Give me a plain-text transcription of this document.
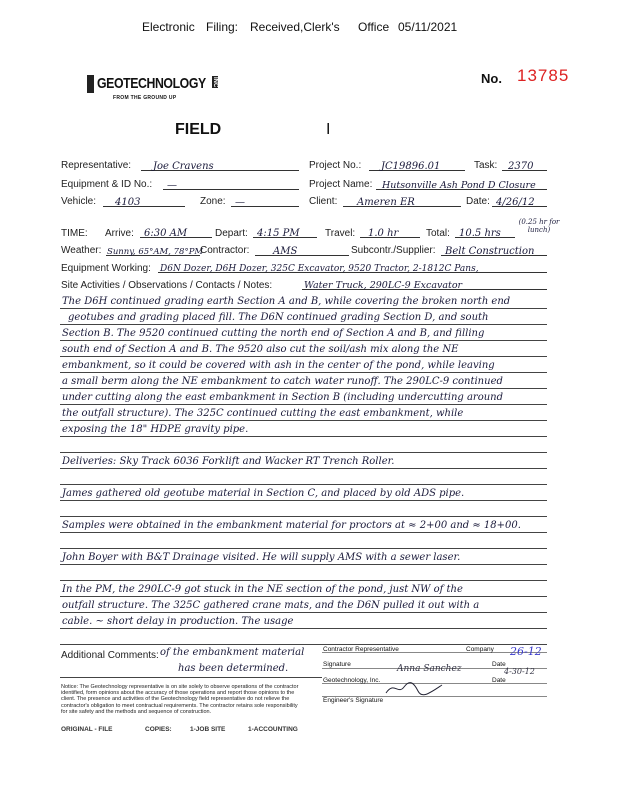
Electronic Filing: Received,Clerk's Office 05/11/2021
GEOTECHNOLOGY INC
FROM THE GROUND UP
No. 13785
FIELD	I
Representative:	Joe Cravens	Project No.:	JC19896.01	Task:	2370
Equipment & ID No.:	—	Project Name:	Hutsonville Ash Pond D Closure
Vehicle:	4103	Zone: —	Client:	Ameren ER	Date: 4/26/12
TIME: Arrive:	6:30 AM	Depart: 4:15 PM	Travel:	1.0 hr	Total: 10.5 hrs
(0.25 hr for lunch)
Weather: Sunny, 65°AM, 78°PM
Contractor:	AMS	Subcontr./Supplier: Belt Construction
Equipment Working: D6N Dozer, D6H Dozer, 325C Excavator, 9520 Tractor, 2-1812C Pans,
Site Activities / Observations / Contacts / Notes:	Water Truck, 290LC-9 Excavator
The D6H continued grading earth Section A and B, while covering the broken north end
geotubes and grading placed fill. The D6N continued grading Section D, and south
Section B. The 9520 continued cutting the north end of Section A and B, and filling
south end of Section A and B. The 9520 also cut the soil/ash mix along the NE
embankment, so it could be covered with ash in the center of the pond, while leaving
a small berm along the NE embankment to catch water runoff. The 290LC-9 continued
under cutting along the east embankment in Section B (including undercutting around
the outfall structure). The 325C continued cutting the east embankment, while
exposing the 18" HDPE gravity pipe.
Deliveries: Sky Track 6036 Forklift and Wacker RT Trench Roller.
James gathered old geotube material in Section C, and placed by old ADS pipe.
Samples were obtained in the embankment material for proctors at ≈ 2+00 and ≈ 18+00.
John Boyer with B&T Drainage visited. He will supply AMS with a sewer laser.
In the PM, the 290LC-9 got stuck in the NE section of the pond, just NW of the
outfall structure. The 325C gathered crane mats, and the D6N pulled it out with a
cable. ~ short delay in production. The usage
Additional Comments: of the embankment material
has been determined.
Contractor Representative	Company 26-12
Signature	Anna Sanchez	Date
4-30-12
Geotechnology, Inc.	Date
Engineer's Signature
Notice: The Geotechnology representative is on site solely to observe operations of the contractor
identified, form opinions about the accuracy of those operations and report those opinions to the
client. The presence and activities of the Geotechnology field representative do not relieve the
contractor's obligation to meet contractual requirements. The contractor retains sole responsibility
for site safety and the methods and sequence of construction.
ORIGINAL - FILE	COPIES:	1-JOB SITE	1-ACCOUNTING
